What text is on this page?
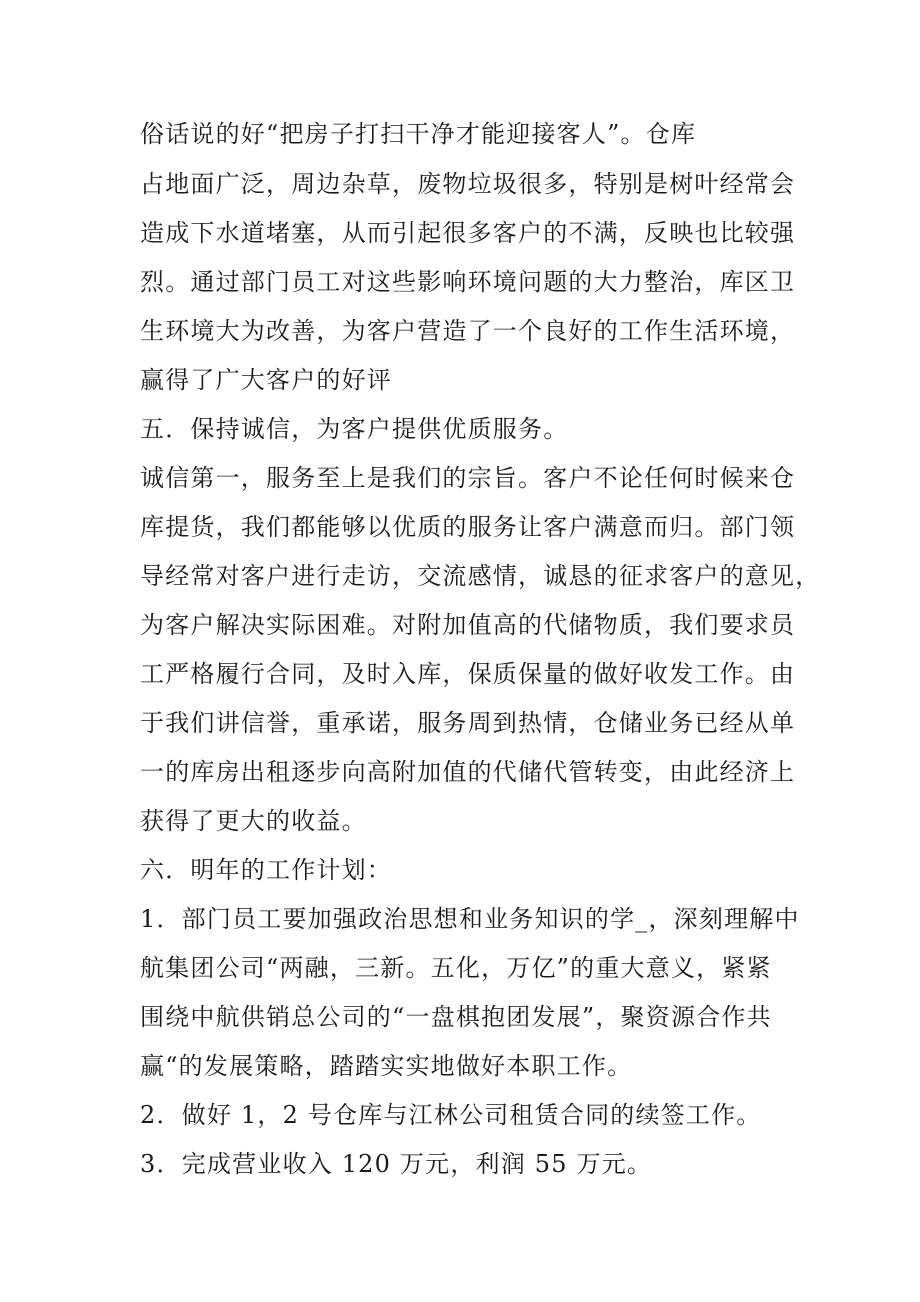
俗话说的好“把房子打扫干净才能迎接客人”。仓库
占地面广泛，周边杂草，废物垃圾很多，特别是树叶经常会
造成下水道堵塞，从而引起很多客户的不满，反映也比较强
烈。通过部门员工对这些影响环境问题的大力整治，库区卫
生环境大为改善，为客户营造了一个良好的工作生活环境，
赢得了广大客户的好评
五．保持诚信，为客户提供优质服务。
诚信第一，服务至上是我们的宗旨。客户不论任何时候来仓
库提货，我们都能够以优质的服务让客户满意而归。部门领
导经常对客户进行走访，交流感情，诚恳的征求客户的意见，
为客户解决实际困难。对附加值高的代储物质，我们要求员
工严格履行合同，及时入库，保质保量的做好收发工作。由
于我们讲信誉，重承诺，服务周到热情，仓储业务已经从单
一的库房出租逐步向高附加值的代储代管转变，由此经济上
获得了更大的收益。
六．明年的工作计划：
1．部门员工要加强政治思想和业务知识的学_，深刻理解中
航集团公司“两融，三新。五化，万亿”的重大意义，紧紧
围绕中航供销总公司的“一盘棋抱团发展”，聚资源合作共
赢“的发展策略，踏踏实实地做好本职工作。
2．做好 1，2 号仓库与江林公司租赁合同的续签工作。
3．完成营业收入 120 万元，利润 55 万元。
